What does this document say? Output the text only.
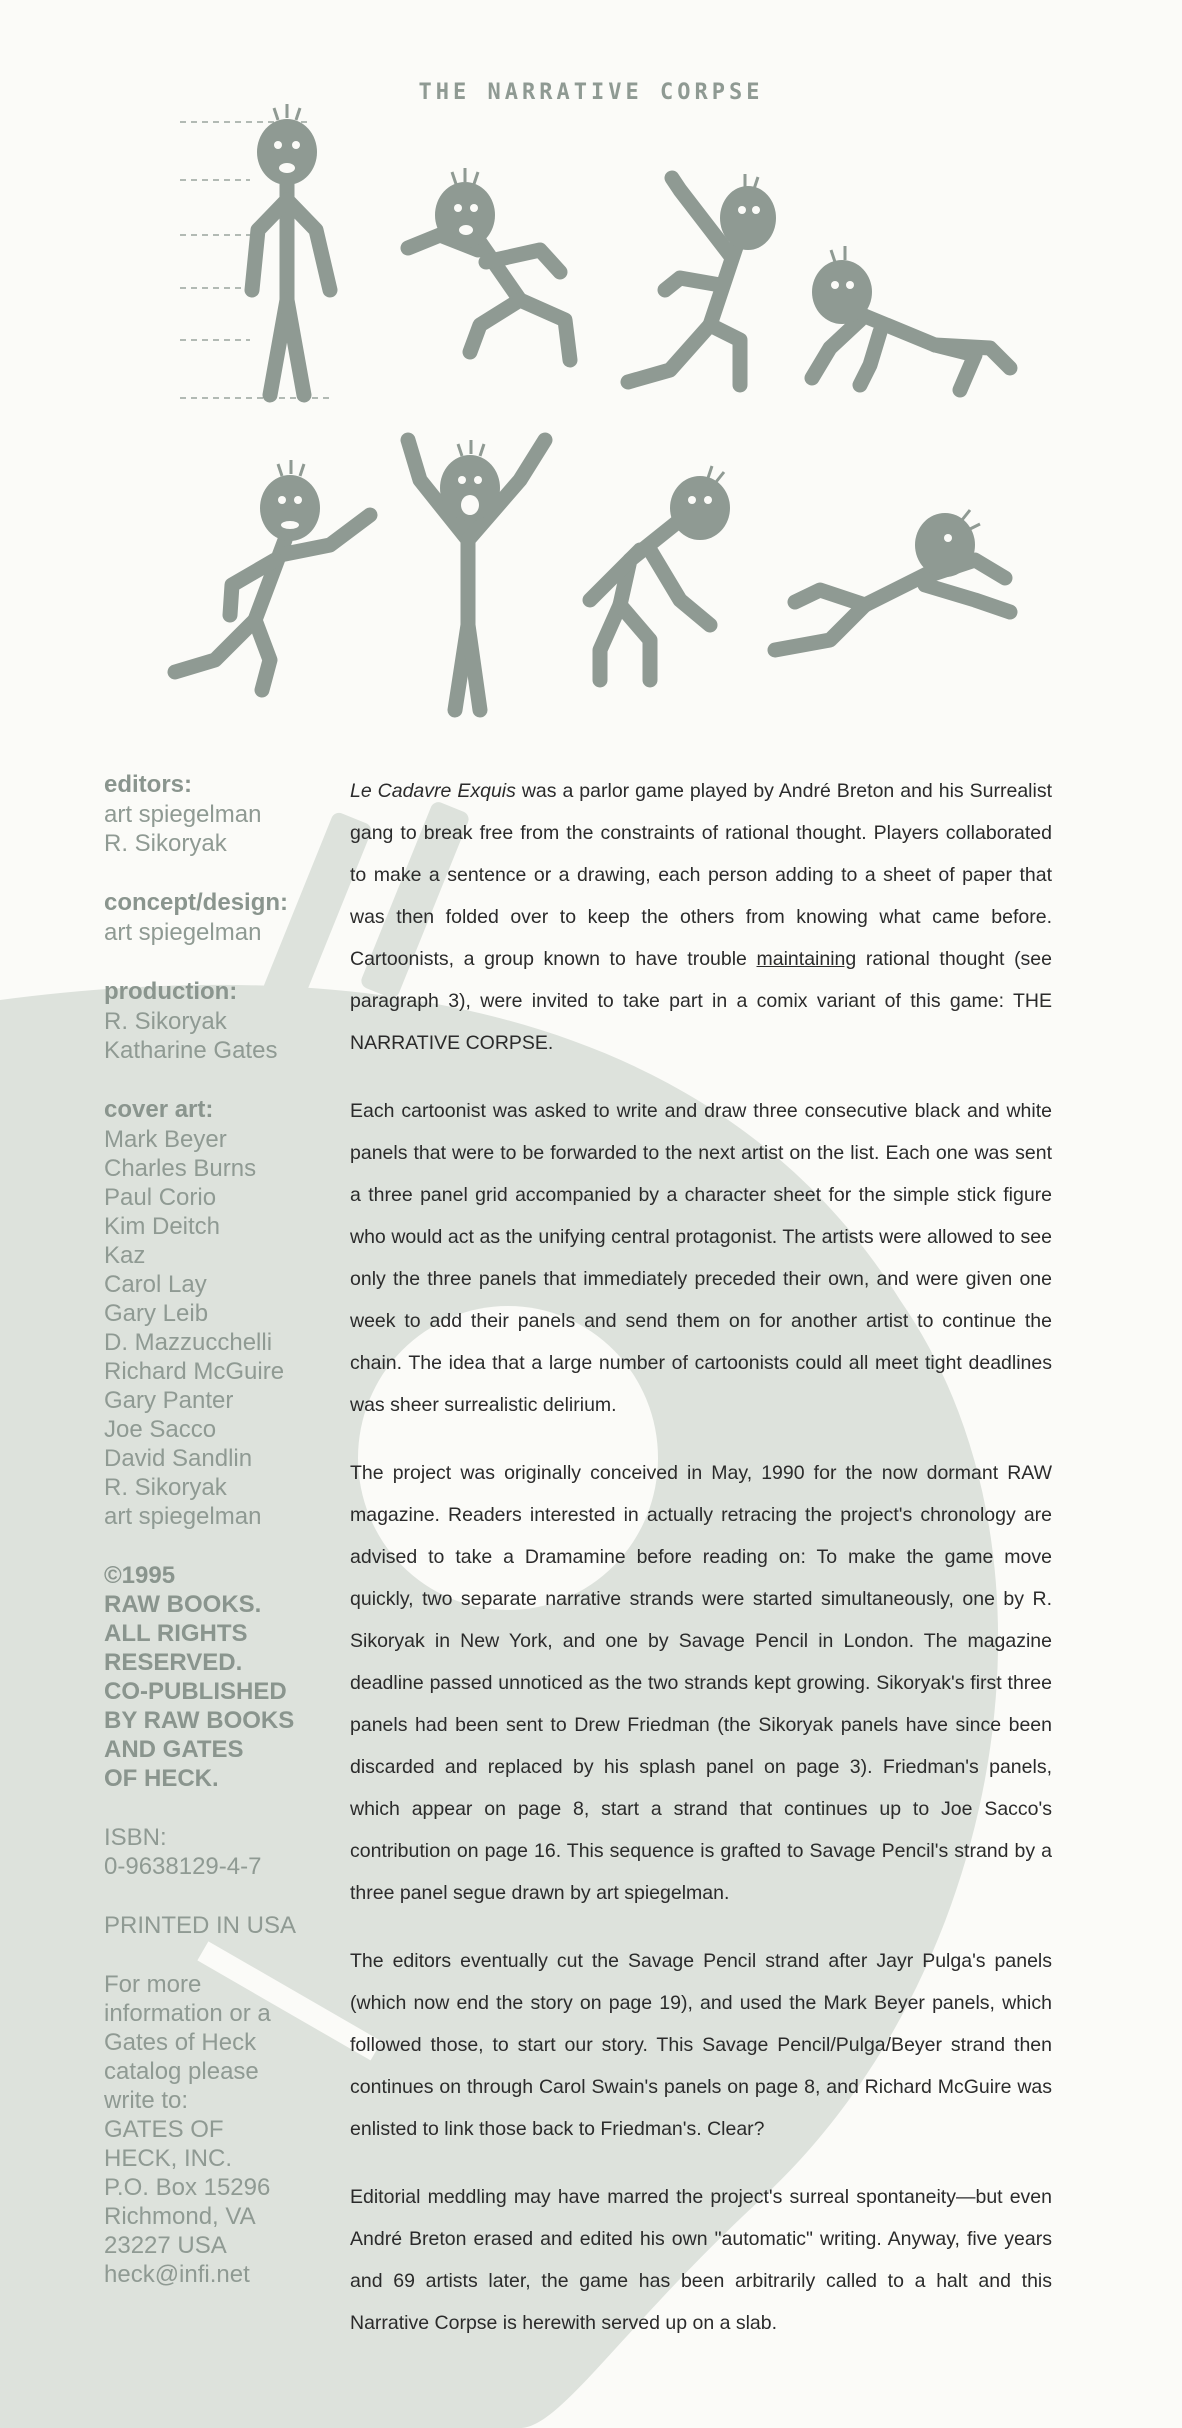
THE NARRATIVE CORPSE

editors:

art spiegelman

R. Sikoryak

concept/design:

art spiegelman

production:

R. Sikoryak

Katharine Gates

cover art:

Mark Beyer

Charles Burns

Paul Corio

Kim Deitch

Kaz

Carol Lay

Gary Leib

D. Mazzucchelli

Richard McGuire

Gary Panter

Joe Sacco

David Sandlin

R. Sikoryak

art spiegelman

©1995

RAW BOOKS.

ALL RIGHTS

RESERVED.

CO-PUBLISHED

BY RAW BOOKS

AND GATES

OF HECK.

ISBN:

0-9638129-4-7

PRINTED IN USA

For more

information or a

Gates of Heck

catalog please

write to:

GATES OF

HECK, INC.

P.O. Box 15296

Richmond, VA

23227 USA

heck@infi.net

Le Cadavre Exquis was a parlor game played by André Breton and his Surrealist gang to break free from the constraints of rational thought. Players collaborated to make a sentence or a drawing, each person adding to a sheet of paper that was then folded over to keep the others from knowing what came before. Cartoonists, a group known to have trouble maintaining rational thought (see paragraph 3), were invited to take part in a comix variant of this game: THE NARRATIVE CORPSE.

Each cartoonist was asked to write and draw three consecutive black and white panels that were to be forwarded to the next artist on the list. Each one was sent a three panel grid accompanied by a character sheet for the simple stick figure who would act as the unifying central protagonist. The artists were allowed to see only the three panels that immediately preceded their own, and were given one week to add their panels and send them on for another artist to continue the chain. The idea that a large number of cartoonists could all meet tight deadlines was sheer surrealistic delirium.

The project was originally conceived in May, 1990 for the now dormant RAW magazine. Readers interested in actually retracing the project's chronology are advised to take a Dramamine before reading on: To make the game move quickly, two separate narrative strands were started simultaneously, one by R. Sikoryak in New York, and one by Savage Pencil in London. The magazine deadline passed unnoticed as the two strands kept growing. Sikoryak's first three panels had been sent to Drew Friedman (the Sikoryak panels have since been discarded and replaced by his splash panel on page 3). Friedman's panels, which appear on page 8, start a strand that continues up to Joe Sacco's contribution on page 16. This sequence is grafted to Savage Pencil's strand by a three panel segue drawn by art spiegelman.

The editors eventually cut the Savage Pencil strand after Jayr Pulga's panels (which now end the story on page 19), and used the Mark Beyer panels, which followed those, to start our story. This Savage Pencil/Pulga/Beyer strand then continues on through Carol Swain's panels on page 8, and Richard McGuire was enlisted to link those back to Friedman's. Clear?

Editorial meddling may have marred the project's surreal spontaneity—but even André Breton erased and edited his own "automatic" writing. Anyway, five years and 69 artists later, the game has been arbitrarily called to a halt and this Narrative Corpse is herewith served up on a slab.
